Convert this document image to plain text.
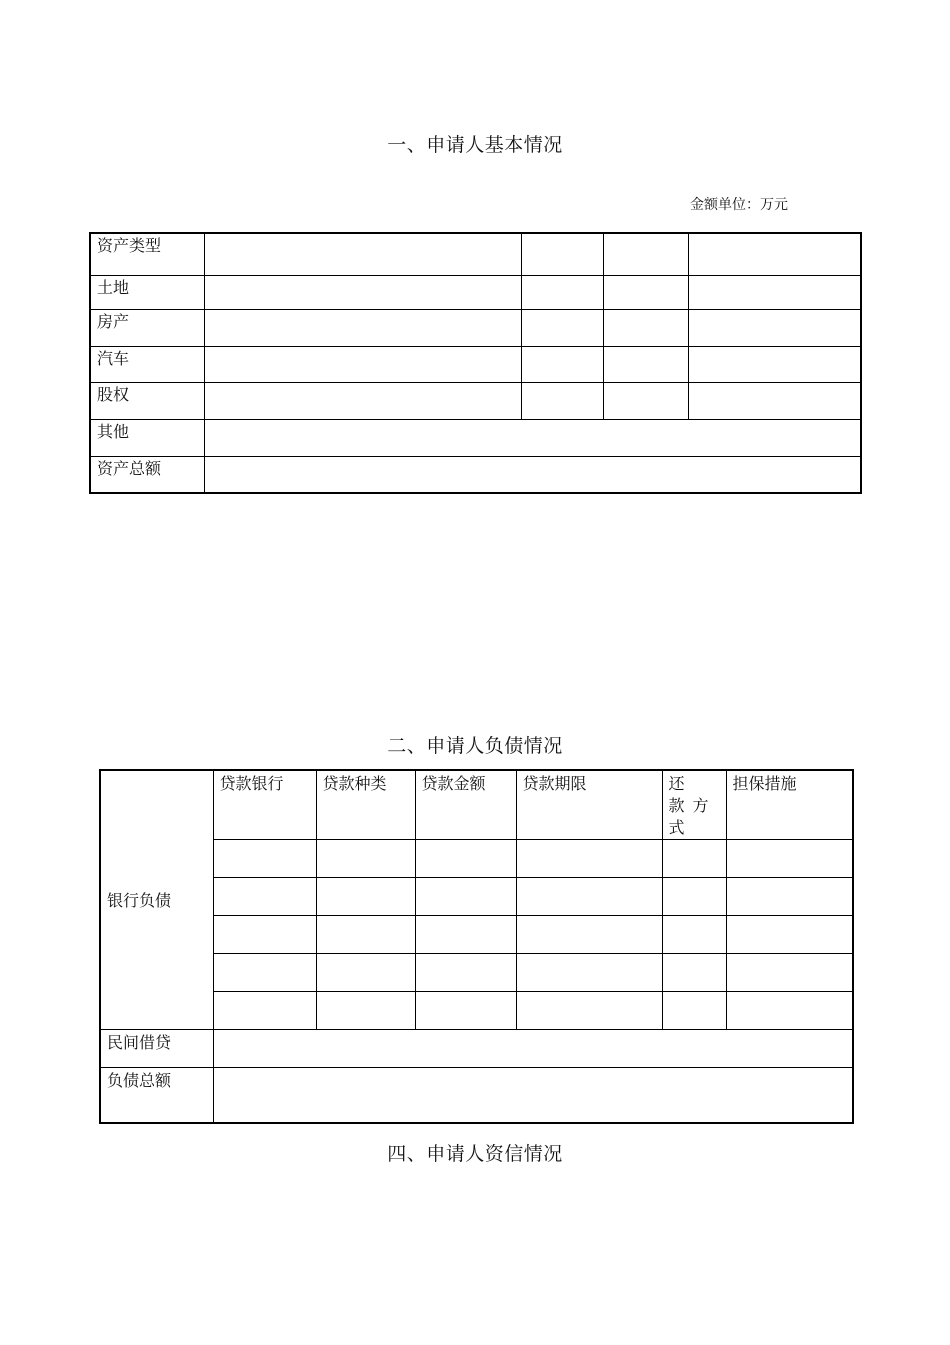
一、申请人基本情况
金额单位：万元
资产类型				
土地				
房产				
汽车				
股权				
其他				
资产总额				
二、申请人负债情况
银行负债	贷款银行	贷款种类	贷款金额	贷款期限	还 款方式	担保措施

民间借贷						
负债总额						
四、申请人资信情况
